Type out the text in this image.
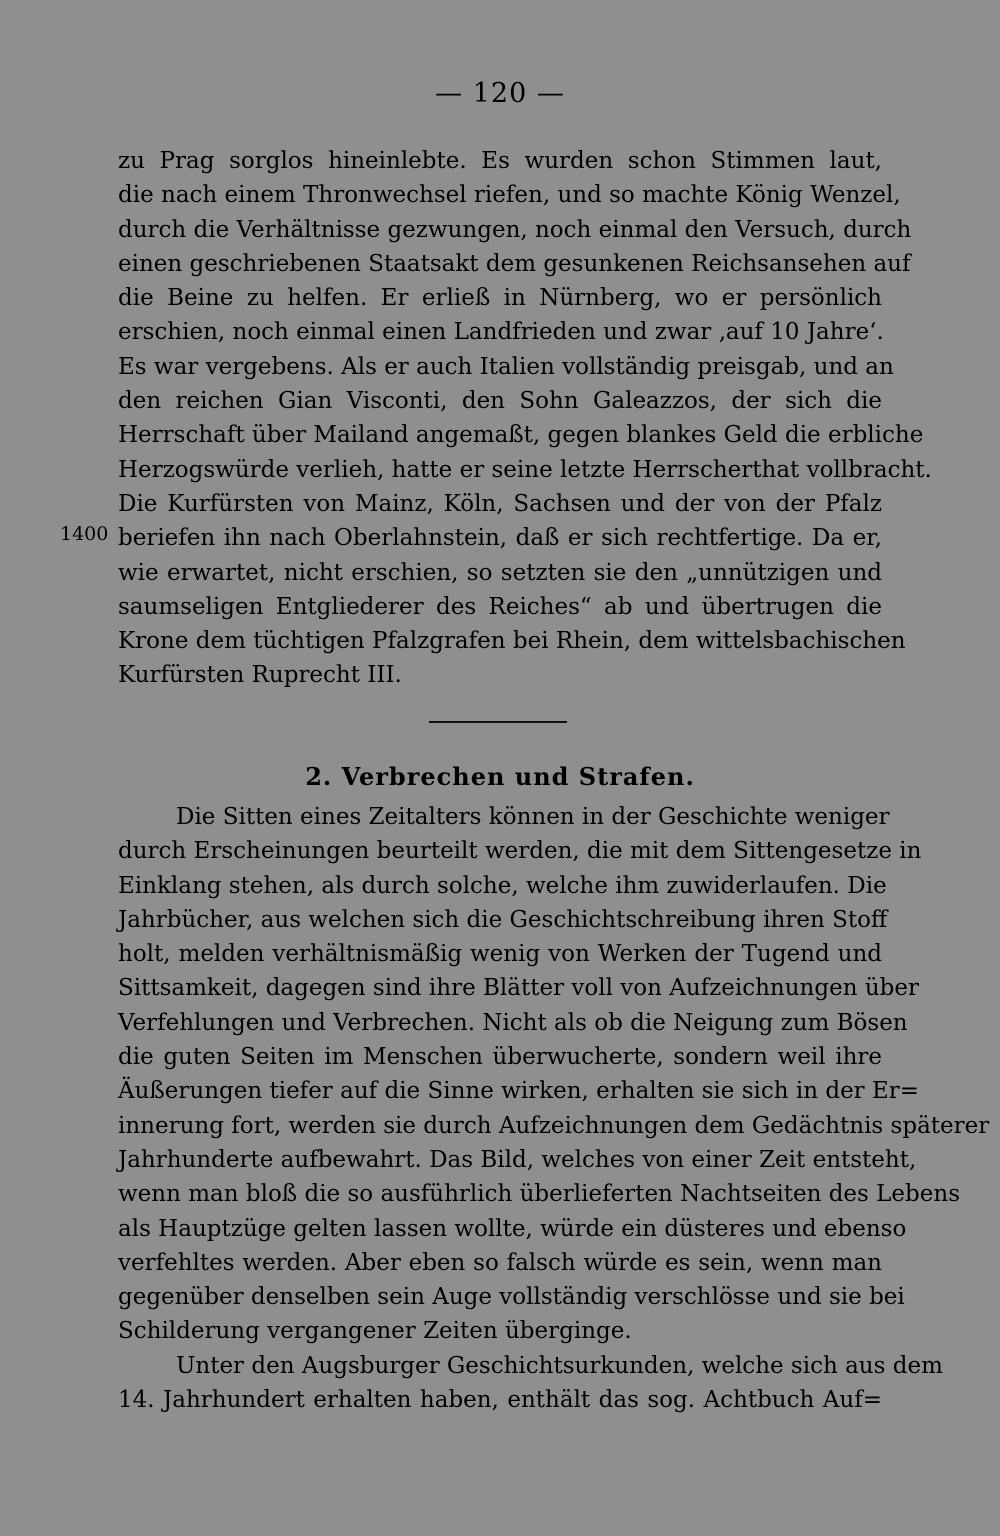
— 120 —
1400
zu Prag sorglos hineinlebte. Es wurden schon Stimmen laut,
die nach einem Thronwechsel riefen, und so machte König Wenzel,
durch die Verhältnisse gezwungen, noch einmal den Versuch, durch
einen geschriebenen Staatsakt dem gesunkenen Reichsansehen auf
die Beine zu helfen. Er erließ in Nürnberg, wo er persönlich
erschien, noch einmal einen Landfrieden und zwar ‚auf 10 Jahre‘.
Es war vergebens. Als er auch Italien vollständig preisgab, und an
den reichen Gian Visconti, den Sohn Galeazzos, der sich die
Herrschaft über Mailand angemaßt, gegen blankes Geld die erbliche
Herzogswürde verlieh, hatte er seine letzte Herrscherthat vollbracht.
Die Kurfürsten von Mainz, Köln, Sachsen und der von der Pfalz
beriefen ihn nach Oberlahnstein, daß er sich rechtfertige. Da er,
wie erwartet, nicht erschien, so setzten sie den „unnützigen und
saumseligen Entgliederer des Reiches“ ab und übertrugen die
Krone dem tüchtigen Pfalzgrafen bei Rhein, dem wittelsbachischen
Kurfürsten Ruprecht III.
2. Verbrechen und Strafen.
Die Sitten eines Zeitalters können in der Geschichte weniger
durch Erscheinungen beurteilt werden, die mit dem Sittengesetze in
Einklang stehen, als durch solche, welche ihm zuwiderlaufen. Die
Jahrbücher, aus welchen sich die Geschichtschreibung ihren Stoff
holt, melden verhältnismäßig wenig von Werken der Tugend und
Sittsamkeit, dagegen sind ihre Blätter voll von Aufzeichnungen über
Verfehlungen und Verbrechen. Nicht als ob die Neigung zum Bösen
die guten Seiten im Menschen überwucherte, sondern weil ihre
Äußerungen tiefer auf die Sinne wirken, erhalten sie sich in der Er=
innerung fort, werden sie durch Aufzeichnungen dem Gedächtnis späterer
Jahrhunderte aufbewahrt. Das Bild, welches von einer Zeit entsteht,
wenn man bloß die so ausführlich überlieferten Nachtseiten des Lebens
als Hauptzüge gelten lassen wollte, würde ein düsteres und ebenso
verfehltes werden. Aber eben so falsch würde es sein, wenn man
gegenüber denselben sein Auge vollständig verschlösse und sie bei
Schilderung vergangener Zeiten überginge.
Unter den Augsburger Geschichtsurkunden, welche sich aus dem
14. Jahrhundert erhalten haben, enthält das sog. Achtbuch Auf=
